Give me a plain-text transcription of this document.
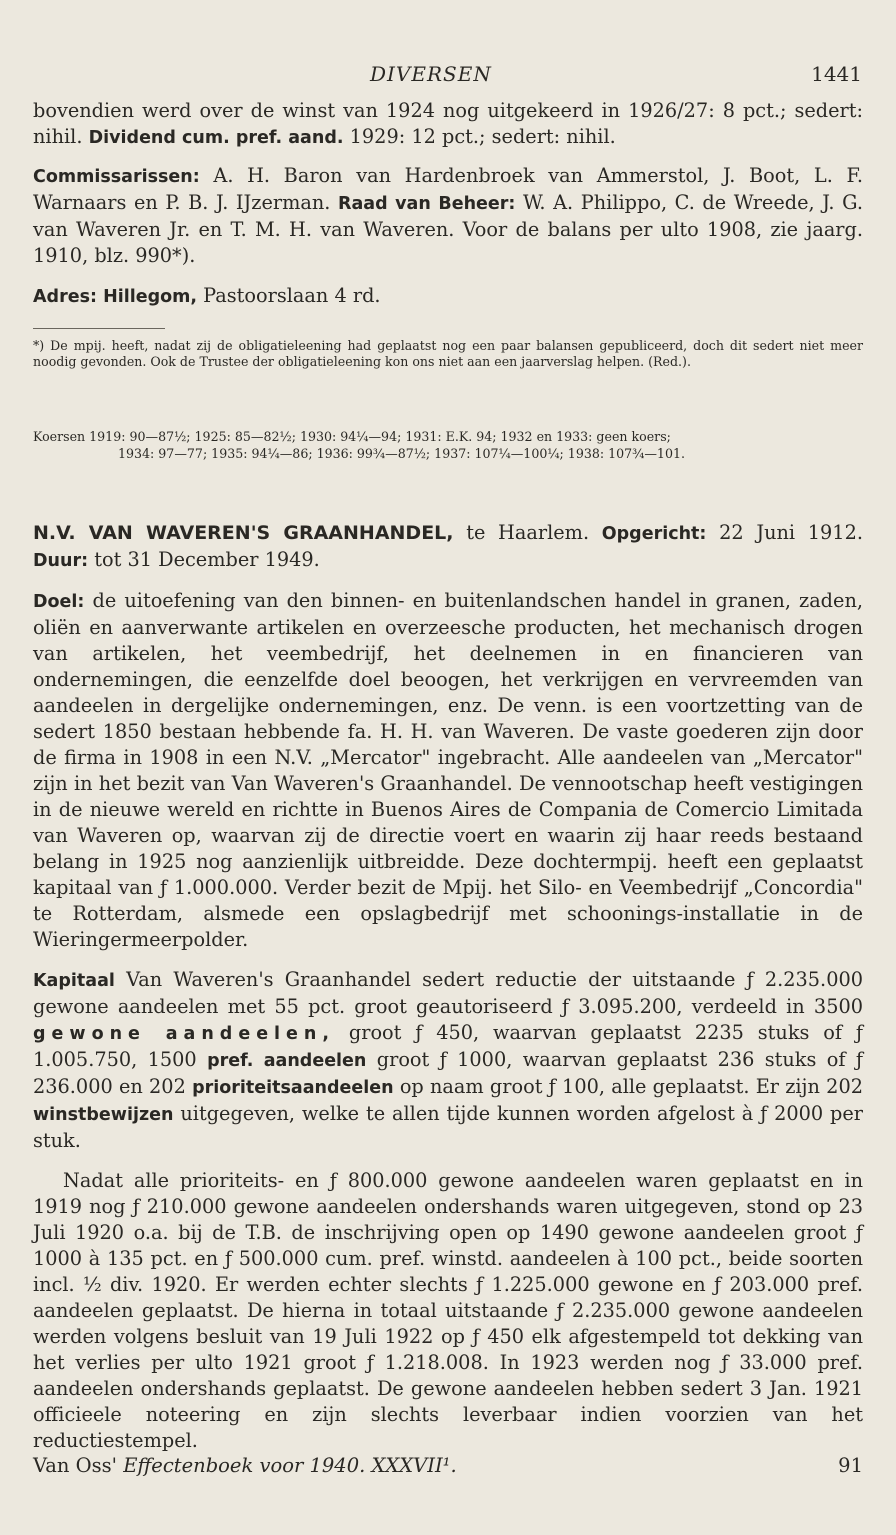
DIVERSEN	1441

bovendien werd over de winst van 1924 nog uitgekeerd in 1926/27: 8 pct.; sedert: nihil. Dividend cum. pref. aand. 1929: 12 pct.; sedert: nihil.

Commissarissen: A. H. Baron van Hardenbroek van Ammerstol, J. Boot, L. F. Warnaars en P. B. J. IJzerman. Raad van Beheer: W. A. Philippo, C. de Wreede, J. G. van Waveren Jr. en T. M. H. van Waveren. Voor de balans per ulto 1908, zie jaarg. 1910, blz. 990*).

Adres: Hillegom, Pastoorslaan 4 rd.

*) De mpij. heeft, nadat zij de obligatieleening had geplaatst nog een paar balansen gepubliceerd, doch dit sedert niet meer noodig gevonden. Ook de Trustee der obligatieleening kon ons niet aan een jaarverslag helpen. (Red.).
Koersen 1919: 90—87½; 1925: 85—82½; 1930: 94¼—94; 1931: E.K. 94; 1932 en 1933: geen koers;
1934: 97—77; 1935: 94¼—86; 1936: 99¾—87½; 1937: 107¼—100¼; 1938: 107¾—101.

N.V. VAN WAVEREN'S GRAANHANDEL, te Haarlem. Opgericht: 22 Juni 1912. Duur: tot 31 December 1949.

Doel: de uitoefening van den binnen- en buitenlandschen handel in granen, zaden, oliën en aanverwante artikelen en overzeesche producten, het mechanisch drogen van artikelen, het veembedrijf, het deelnemen in en financieren van ondernemingen, die eenzelfde doel beoogen, het verkrijgen en vervreemden van aandeelen in dergelijke ondernemingen, enz. De venn. is een voortzetting van de sedert 1850 bestaan hebbende fa. H. H. van Waveren. De vaste goederen zijn door de firma in 1908 in een N.V. „Mercator" ingebracht. Alle aandeelen van „Mercator" zijn in het bezit van Van Waveren's Graanhandel. De vennootschap heeft vestigingen in de nieuwe wereld en richtte in Buenos Aires de Compania de Comercio Limitada van Waveren op, waarvan zij de directie voert en waarin zij haar reeds bestaand belang in 1925 nog aanzienlijk uitbreidde. Deze dochtermpij. heeft een geplaatst kapitaal van ƒ 1.000.000. Verder bezit de Mpij. het Silo- en Veembedrijf „Concordia" te Rotterdam, alsmede een opslagbedrijf met schoonings-installatie in de Wieringermeerpolder.

Kapitaal Van Waveren's Graanhandel sedert reductie der uitstaande ƒ 2.235.000 gewone aandeelen met 55 pct. groot geautoriseerd ƒ 3.095.200, verdeeld in 3500 gewone aandeelen, groot ƒ 450, waarvan geplaatst 2235 stuks of ƒ 1.005.750, 1500 pref. aandeelen groot ƒ 1000, waarvan geplaatst 236 stuks of ƒ 236.000 en 202 prioriteitsaandeelen op naam groot ƒ 100, alle geplaatst. Er zijn 202 winstbewijzen uitgegeven, welke te allen tijde kunnen worden afgelost à ƒ 2000 per stuk.

Nadat alle prioriteits- en ƒ 800.000 gewone aandeelen waren geplaatst en in 1919 nog ƒ 210.000 gewone aandeelen ondershands waren uitgegeven, stond op 23 Juli 1920 o.a. bij de T.B. de inschrijving open op 1490 gewone aandeelen groot ƒ 1000 à 135 pct. en ƒ 500.000 cum. pref. winstd. aandeelen à 100 pct., beide soorten incl. ½ div. 1920. Er werden echter slechts ƒ 1.225.000 gewone en ƒ 203.000 pref. aandeelen geplaatst. De hierna in totaal uitstaande ƒ 2.235.000 gewone aandeelen werden volgens besluit van 19 Juli 1922 op ƒ 450 elk afgestempeld tot dekking van het verlies per ulto 1921 groot ƒ 1.218.008. In 1923 werden nog ƒ 33.000 pref. aandeelen ondershands geplaatst. De gewone aandeelen hebben sedert 3 Jan. 1921 officieele noteering en zijn slechts leverbaar indien voorzien van het reductiestempel.

Van Oss' Effectenboek voor 1940. XXXVII¹.	91
